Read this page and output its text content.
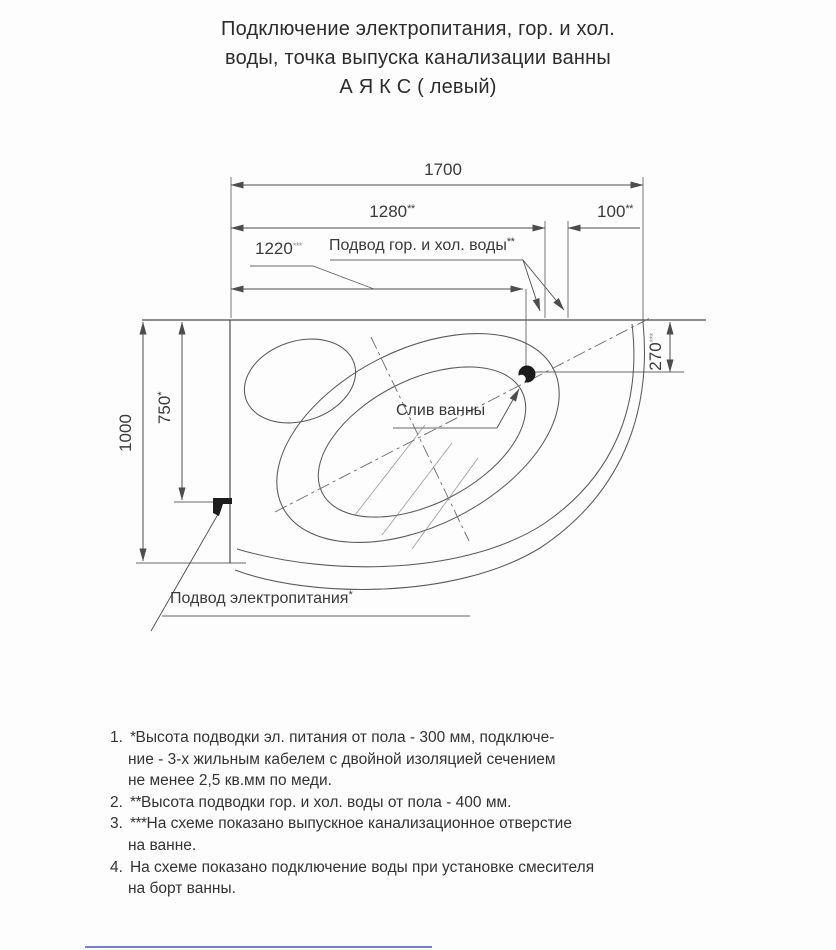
Подключение электропитания, гор. и хол.
воды, точка выпуска канализации ванны
А Я К С ( левый)
1700
1280**	100**
1220***
1000
750*
270***
Подвод гор. и хол. воды**
Слив ванны
Подвод электропитания*
1. *Высота подводки эл. питания от пола - 300 мм, подключе-
ние - 3-х жильным кабелем с двойной изоляцией сечением
не менее 2,5 кв.мм по меди.
2. **Высота подводки гор. и хол. воды от пола - 400 мм.
3. ***На схеме показано выпускное канализационное отверстие
на ванне.
4. На схеме показано подключение воды при установке смесителя
на борт ванны.
